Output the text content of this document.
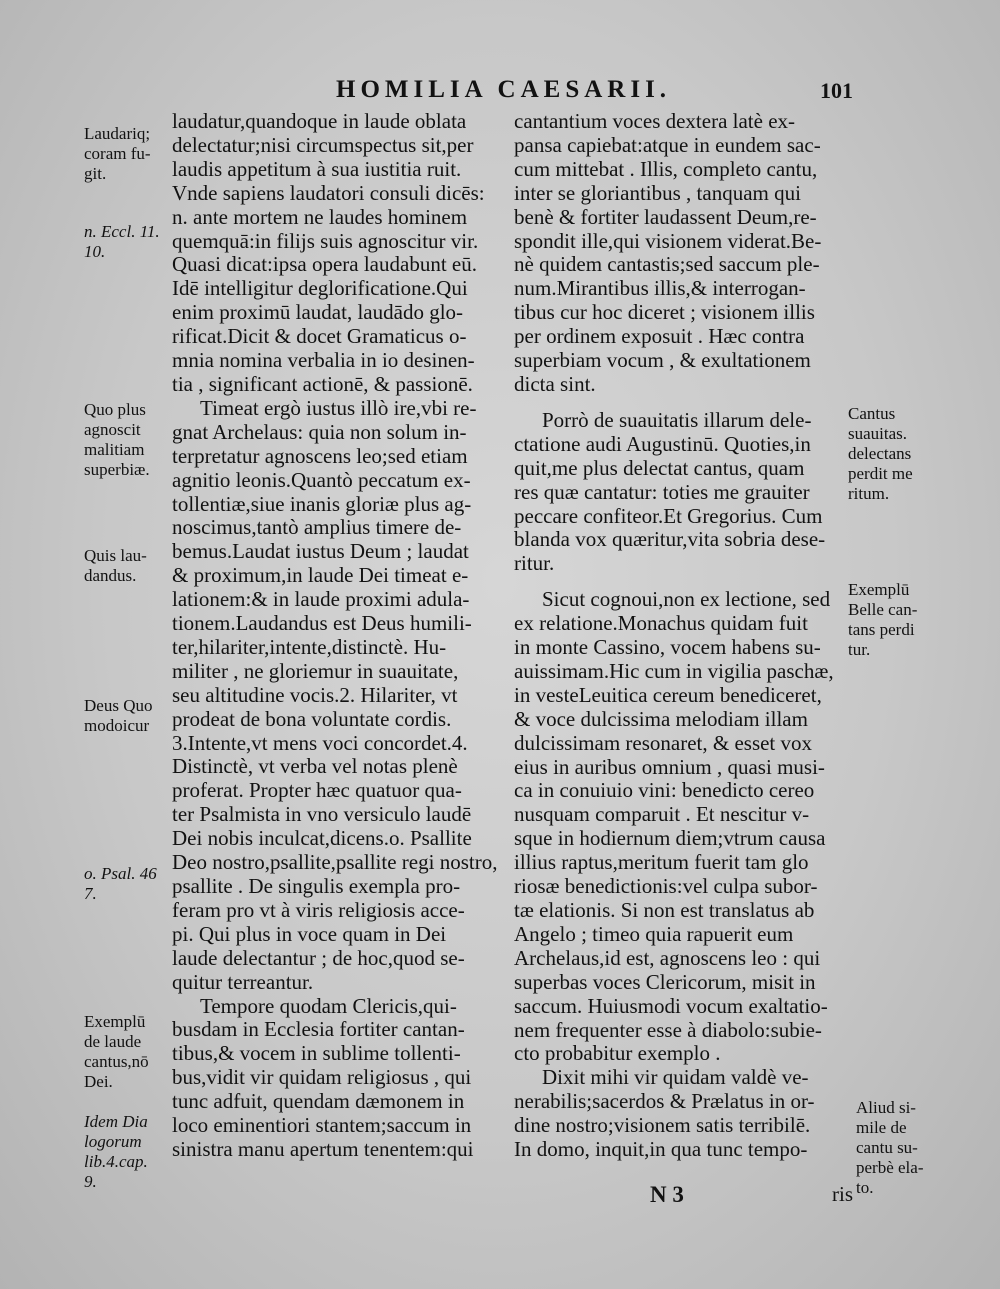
HOMILIA CAESARII.	101
Laudariq;
coram fu-
git.
n. Eccl. 11.
10.
Quo plus
agnoscit
malitiam
superbiæ.
Quis lau-
dandus.
Deus Quo
modoicur
o. Psal. 46
7.
Exemplū
de laude
cantus,nō
Dei.
Idem Dia
logorum
lib.4.cap.
9.

laudatur,quandoque in laude oblata
delectatur;nisi circumspectus sit,per
laudis appetitum à sua iustitia ruit.
Vnde sapiens laudatori consuli dicēs:
n. ante mortem ne laudes hominem
quemquā:in filijs suis agnoscitur vir.
Quasi dicat:ipsa opera laudabunt eū.
Idē intelligitur deglorificatione.Qui
enim proximū laudat, laudādo glo-
rificat.Dicit & docet Gramaticus o-
mnia nomina verbalia in io desinen-
tia , significant actionē, & passionē.

Timeat ergò iustus illò ire,vbi re-
gnat Archelaus: quia non solum in-
terpretatur agnoscens leo;sed etiam
agnitio leonis.Quantò peccatum ex-
tollentiæ,siue inanis gloriæ plus ag-
noscimus,tantò amplius timere de-
bemus.Laudat iustus Deum ; laudat
& proximum,in laude Dei timeat e-
lationem:& in laude proximi adula-
tionem.Laudandus est Deus humili-
ter,hilariter,intente,distinctè. Hu-
militer , ne gloriemur in suauitate,
seu altitudine vocis.2. Hilariter, vt
prodeat de bona voluntate cordis.
3.Intente,vt mens voci concordet.4.
Distinctè, vt verba vel notas plenè
proferat. Propter hæc quatuor qua-
ter Psalmista in vno versiculo laudē
Dei nobis inculcat,dicens.o. Psallite
Deo nostro,psallite,psallite regi nostro,
psallite . De singulis exempla pro-
feram pro vt à viris religiosis acce-
pi. Qui plus in voce quam in Dei
laude delectantur ; de hoc,quod se-
quitur terreantur.

Tempore quodam Clericis,qui-
busdam in Ecclesia fortiter cantan-
tibus,& vocem in sublime tollenti-
bus,vidit vir quidam religiosus , qui
tunc adfuit, quendam dæmonem in
loco eminentiori stantem;saccum in
sinistra manu apertum tenentem:qui

cantantium voces dextera latè ex-
pansa capiebat:atque in eundem sac-
cum mittebat . Illis, completo cantu,
inter se gloriantibus , tanquam qui
benè & fortiter laudassent Deum,re-
spondit ille,qui visionem viderat.Be-
nè quidem cantastis;sed saccum ple-
num.Mirantibus illis,& interrogan-
tibus cur hoc diceret ; visionem illis
per ordinem exposuit . Hæc contra
superbiam vocum , & exultationem
dicta sint.

Porrò de suauitatis illarum dele-
ctatione audi Augustinū. Quoties,in
quit,me plus delectat cantus, quam
res quæ cantatur: toties me grauiter
peccare confiteor.Et Gregorius. Cum
blanda vox quæritur,vita sobria dese-
ritur.

Sicut cognoui,non ex lectione, sed
ex relatione.Monachus quidam fuit
in monte Cassino, vocem habens su-
auissimam.Hic cum in vigilia paschæ,
in vesteLeuitica cereum benediceret,
& voce dulcissima melodiam illam
dulcissimam resonaret, & esset vox
eius in auribus omnium , quasi musi-
ca in conuiuio vini: benedicto cereo
nusquam comparuit . Et nescitur v-
sque in hodiernum diem;vtrum causa
illius raptus,meritum fuerit tam glo
riosæ benedictionis:vel culpa subor-
tæ elationis. Si non est translatus ab
Angelo ; timeo quia rapuerit eum
Archelaus,id est, agnoscens leo : qui
superbas voces Clericorum, misit in
saccum. Huiusmodi vocum exaltatio-
nem frequenter esse à diabolo:subie-
cto probabitur exemplo .

Dixit mihi vir quidam valdè ve-
nerabilis;sacerdos & Prælatus in or-
dine nostro;visionem satis terribilē.
In domo, inquit,in qua tunc tempo-

Cantus
suauitas.
delectans
perdit me
ritum.
Exemplū
Belle can-
tans perdi
tur.
Aliud si-
mile de
cantu su-
perbè ela-
to.
N 3	ris
